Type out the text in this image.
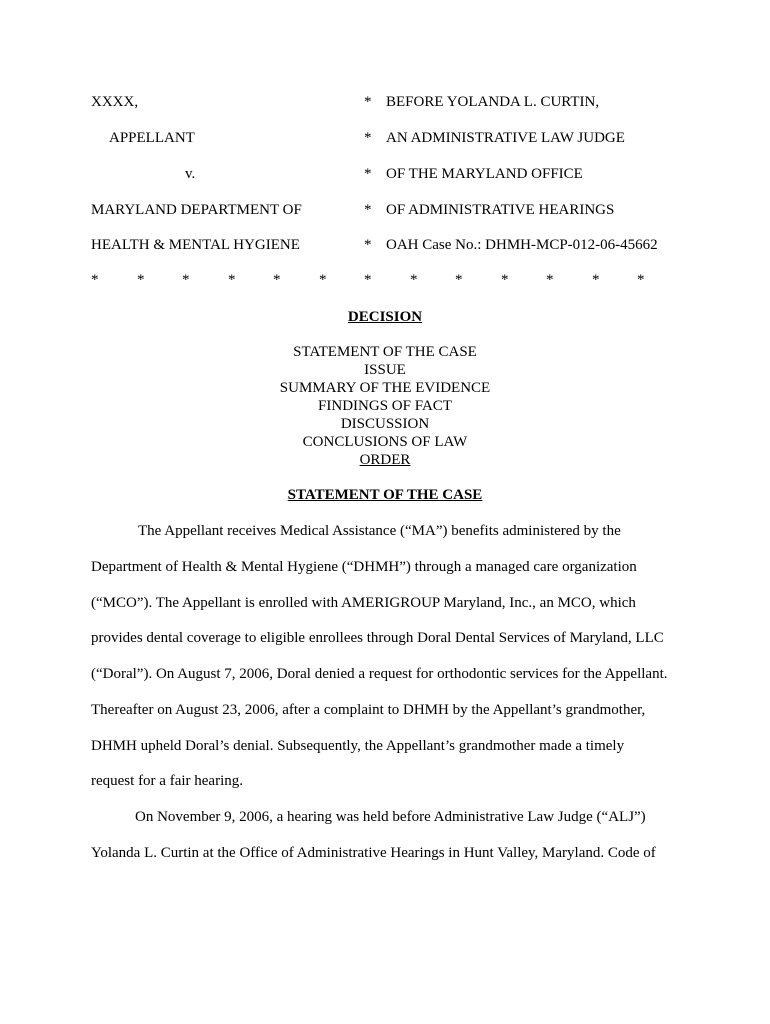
XXXX,	* BEFORE YOLANDA L. CURTIN,
APPELLANT	* AN ADMINISTRATIVE LAW JUDGE
v.	* OF THE MARYLAND OFFICE
MARYLAND DEPARTMENT OF	* OF ADMINISTRATIVE HEARINGS
HEALTH & MENTAL HYGIENE	* OAH Case No.: DHMH-MCP-012-06-45662
*	*	*	*	*	*	*	*	*	*	*	*	*
DECISION
STATEMENT OF THE CASE
ISSUE
SUMMARY OF THE EVIDENCE
FINDINGS OF FACT
DISCUSSION
CONCLUSIONS OF LAW
ORDER
STATEMENT OF THE CASE
The Appellant receives Medical Assistance (“MA”) benefits administered by the
Department of Health & Mental Hygiene (“DHMH”) through a managed care organization
(“MCO”). The Appellant is enrolled with AMERIGROUP Maryland, Inc., an MCO, which
provides dental coverage to eligible enrollees through Doral Dental Services of Maryland, LLC
(“Doral”). On August 7, 2006, Doral denied a request for orthodontic services for the Appellant.
Thereafter on August 23, 2006, after a complaint to DHMH by the Appellant’s grandmother,
DHMH upheld Doral’s denial. Subsequently, the Appellant’s grandmother made a timely
request for a fair hearing.
On November 9, 2006, a hearing was held before Administrative Law Judge (“ALJ”)
Yolanda L. Curtin at the Office of Administrative Hearings in Hunt Valley, Maryland. Code of
